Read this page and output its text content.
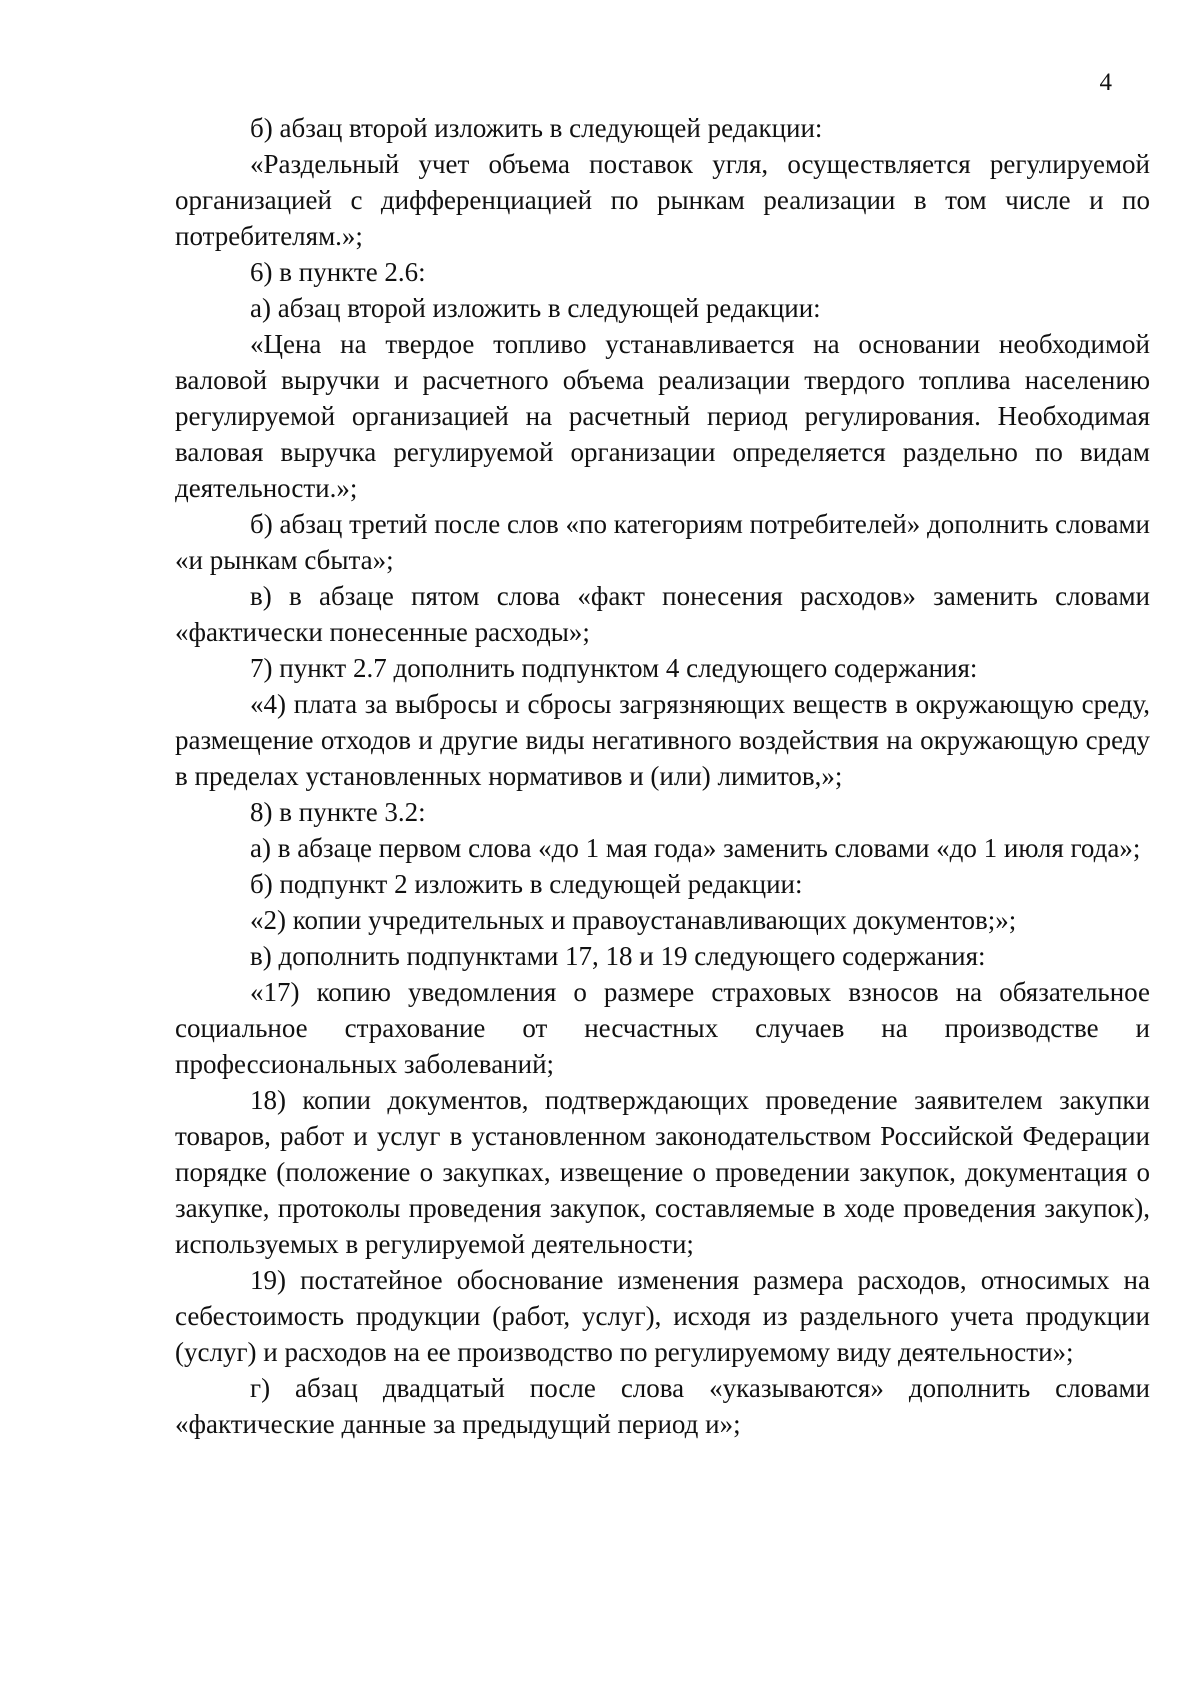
4

б) абзац второй изложить в следующей редакции:

«Раздельный учет объема поставок угля, осуществляется регулируемой организацией с дифференциацией по рынкам реализации в том числе и по потребителям.»;

6) в пункте 2.6:

а) абзац второй изложить в следующей редакции:

«Цена на твердое топливо устанавливается на основании необходимой валовой выручки и расчетного объема реализации твердого топлива населению регулируемой организацией на расчетный период регулирования. Необходимая валовая выручка регулируемой организации определяется раздельно по видам деятельности.»;

б) абзац третий после слов «по категориям потребителей» дополнить словами «и рынкам сбыта»;

в) в абзаце пятом слова «факт понесения расходов» заменить словами «фактически понесенные расходы»;

7) пункт 2.7 дополнить подпунктом 4 следующего содержания:

«4) плата за выбросы и сбросы загрязняющих веществ в окружающую среду, размещение отходов и другие виды негативного воздействия на окружающую среду в пределах установленных нормативов и (или) лимитов,»;

8) в пункте 3.2:

а) в абзаце первом слова «до 1 мая года» заменить словами «до 1 июля года»;

б) подпункт 2 изложить в следующей редакции:

«2) копии учредительных и правоустанавливающих документов;»;

в) дополнить подпунктами 17, 18 и 19 следующего содержания:

«17) копию уведомления о размере страховых взносов на обязательное социальное страхование от несчастных случаев на производстве и профессиональных заболеваний;

18) копии документов, подтверждающих проведение заявителем закупки товаров, работ и услуг в установленном законодательством Российской Федерации порядке (положение о закупках, извещение о проведении закупок, документация о закупке, протоколы проведения закупок, составляемые в ходе проведения закупок), используемых в регулируемой деятельности;

19) постатейное обоснование изменения размера расходов, относимых на себестоимость продукции (работ, услуг), исходя из раздельного учета продукции (услуг) и расходов на ее производство по регулируемому виду деятельности»;

г) абзац двадцатый после слова «указываются» дополнить словами «фактические данные за предыдущий период и»;
